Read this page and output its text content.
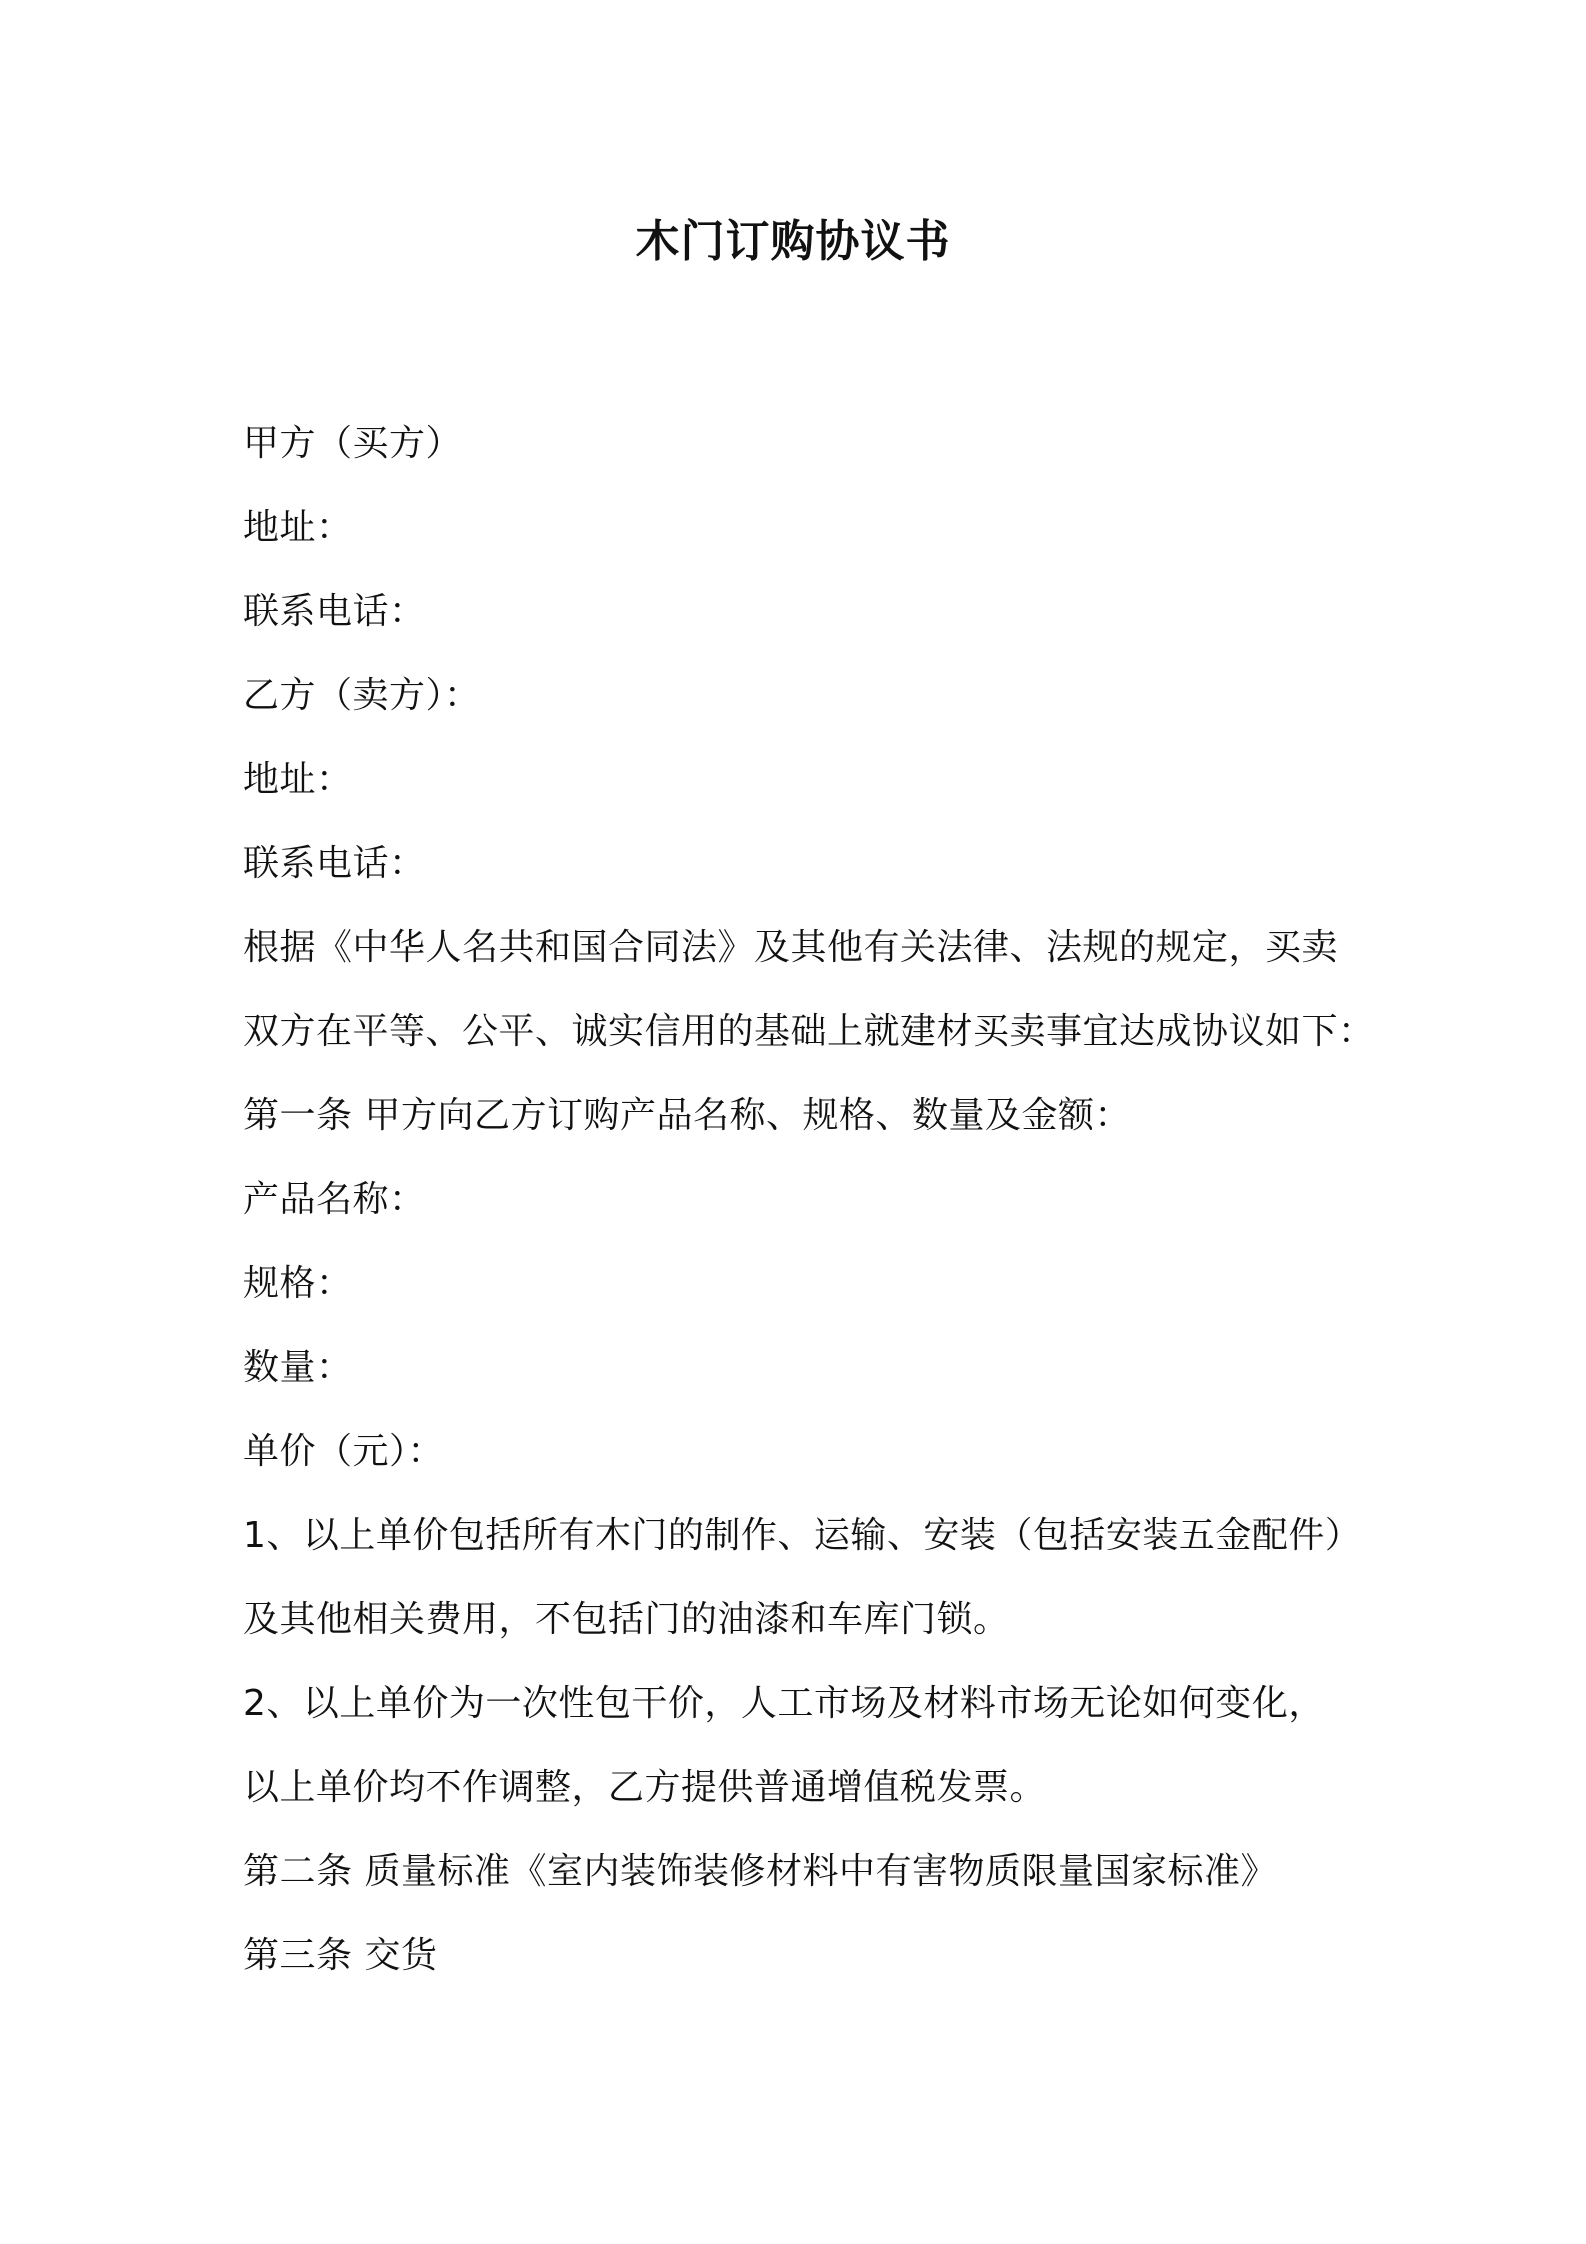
木门订购协议书
甲方（买方）
地址：
联系电话：
乙方（卖方）：
地址：
联系电话：
根据《中华人名共和国合同法》及其他有关法律、法规的规定，买卖
双方在平等、公平、诚实信用的基础上就建材买卖事宜达成协议如下：
第一条 甲方向乙方订购产品名称、规格、数量及金额：
产品名称：
规格：
数量：
单价（元）：
1、以上单价包括所有木门的制作、运输、安装（包括安装五金配件）
及其他相关费用，不包括门的油漆和车库门锁。
2、以上单价为一次性包干价，人工市场及材料市场无论如何变化，
以上单价均不作调整，乙方提供普通增值税发票。
第二条 质量标准《室内装饰装修材料中有害物质限量国家标准》
第三条 交货
